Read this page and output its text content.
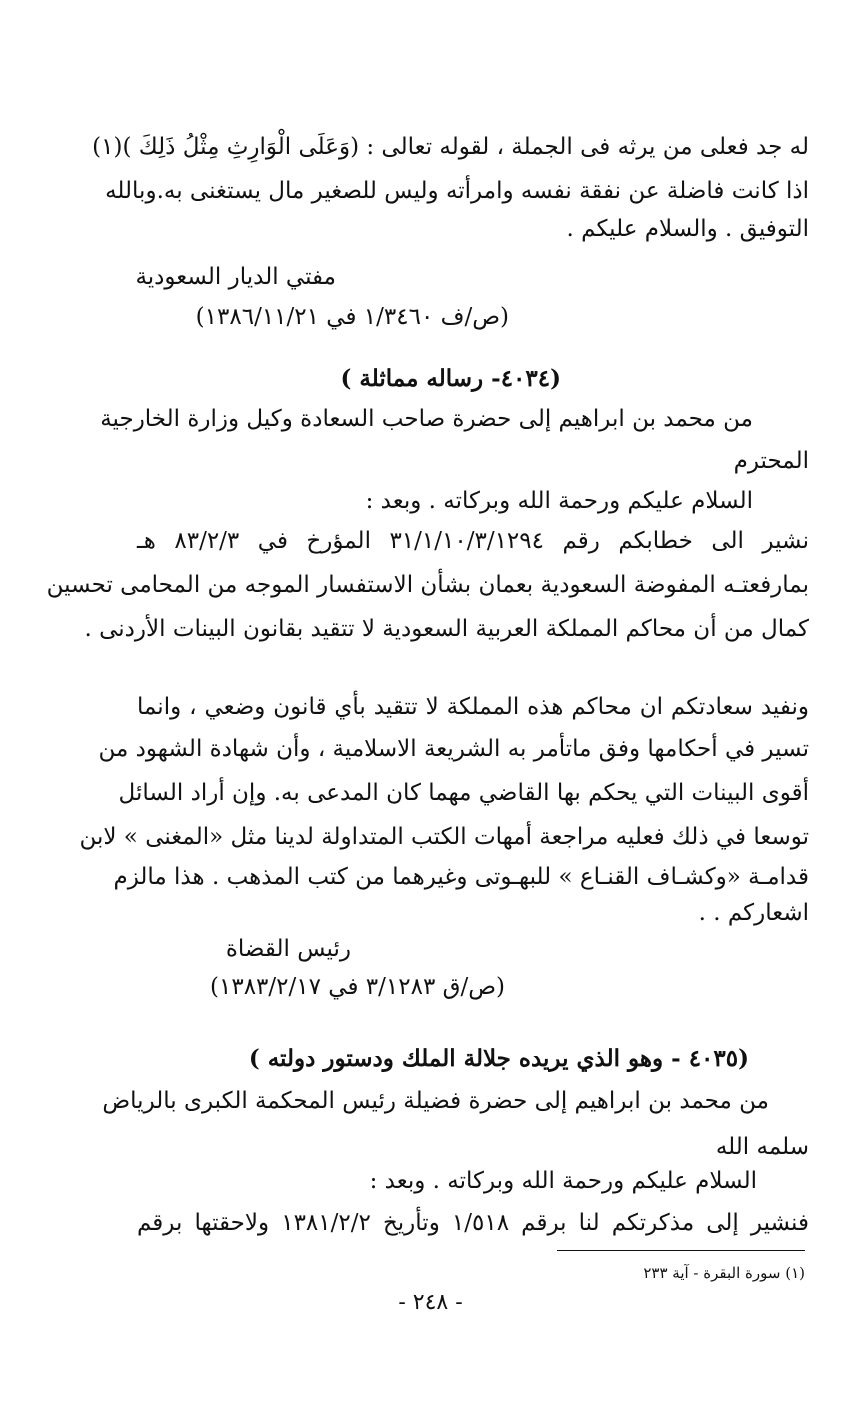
له جد فعلى من يرثه فى الجملة ، لقوله تعالى : (وَعَلَى الْوَارِثِ مِثْلُ ذَلِكَ )(١)
اذا كانت فاضلة عن نفقة نفسه وامرأته وليس للصغير مال يستغنى به.وبالله
التوفيق . والسلام عليكم .
مفتي الديار السعودية
(ص/ف ١/٣٤٦٠ في ١٣٨٦/١١/٢١)
(٤٠٣٤- رساله مماثلة )
من محمد بن ابراهيم إلى حضرة صاحب السعادة وكيل وزارة الخارجية
المحترم
السلام عليكم ورحمة الله وبركاته . وبعد :
نشير الى خطابكم رقم ٣١/١/١٠/٣/١٢٩٤ المؤرخ في ٨٣/٢/٣ هـ
بمارفعتـه المفوضة السعودية بعمان بشأن الاستفسار الموجه من المحامى تحسين
كمال من أن محاكم المملكة العربية السعودية لا تتقيد بقانون البينات الأردنى .
ونفيد سعادتكم ان محاكم هذه المملكة لا تتقيد بأي قانون وضعي ، وانما
تسير في أحكامها وفق ماتأمر به الشريعة الاسلامية ، وأن شهادة الشهود من
أقوى البينات التي يحكم بها القاضي مهما كان المدعى به. وإن أراد السائل
توسعا في ذلك فعليه مراجعة أمهات الكتب المتداولة لدينا مثل «المغنى » لابن
قدامـة «وكشـاف القنـاع » للبهـوتى وغيرهما من كتب المذهب . هذا مالزم
اشعاركم . .
رئيس القضاة
(ص/ق ٣/١٢٨٣ في ١٣٨٣/٢/١٧)
(٤٠٣٥ - وهو الذي يريده جلالة الملك ودستور دولته )
من محمد بن ابراهيم إلى حضرة فضيلة رئيس المحكمة الكبرى بالرياض
سلمه الله
السلام عليكم ورحمة الله وبركاته . وبعد :
فنشير إلى مذكرتكم لنا برقم ١/٥١٨ وتأريخ ١٣٨١/٢/٢ ولاحقتها برقم
(١) سورة البقرة - آية ٢٣٣
- ٢٤٨ -
